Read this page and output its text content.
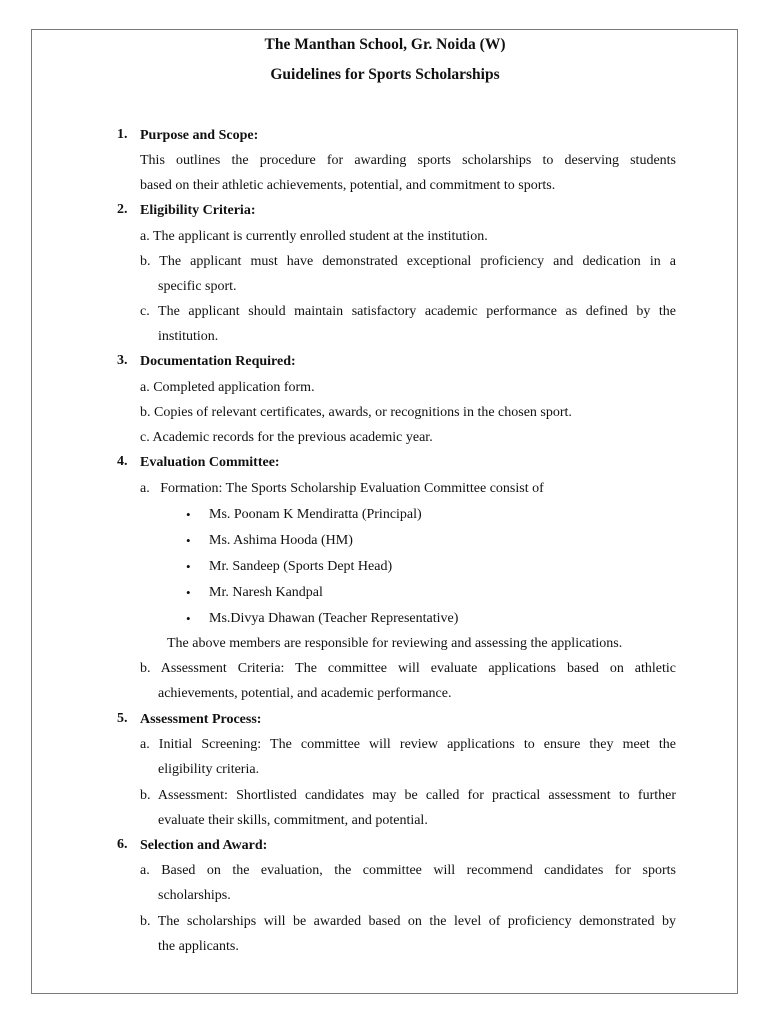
The Manthan School, Gr. Noida (W)
Guidelines for Sports Scholarships
1. Purpose and Scope:
This outlines the procedure for awarding sports scholarships to deserving students
based on their athletic achievements, potential, and commitment to sports.
2. Eligibility Criteria:
a. The applicant is currently enrolled student at the institution.
b. The applicant must have demonstrated exceptional proficiency and dedication in a
specific sport.
c. The applicant should maintain satisfactory academic performance as defined by the
institution.
3. Documentation Required:
a. Completed application form.
b. Copies of relevant certificates, awards, or recognitions in the chosen sport.
c. Academic records for the previous academic year.
4. Evaluation Committee:
a.   Formation: The Sports Scholarship Evaluation Committee consist of
• Ms. Poonam K Mendiratta (Principal)
• Ms. Ashima Hooda (HM)
• Mr. Sandeep (Sports Dept Head)
• Mr. Naresh Kandpal
• Ms.Divya Dhawan (Teacher Representative)
The above members are responsible for reviewing and assessing the applications.
b. Assessment Criteria: The committee will evaluate applications based on athletic
achievements, potential, and academic performance.
5. Assessment Process:
a. Initial Screening: The committee will review applications to ensure they meet the
eligibility criteria.
b. Assessment: Shortlisted candidates may be called for practical assessment to further
evaluate their skills, commitment, and potential.
6. Selection and Award:
a. Based on the evaluation, the committee will recommend candidates for sports
scholarships.
b. The scholarships will be awarded based on the level of proficiency demonstrated by
the applicants.
